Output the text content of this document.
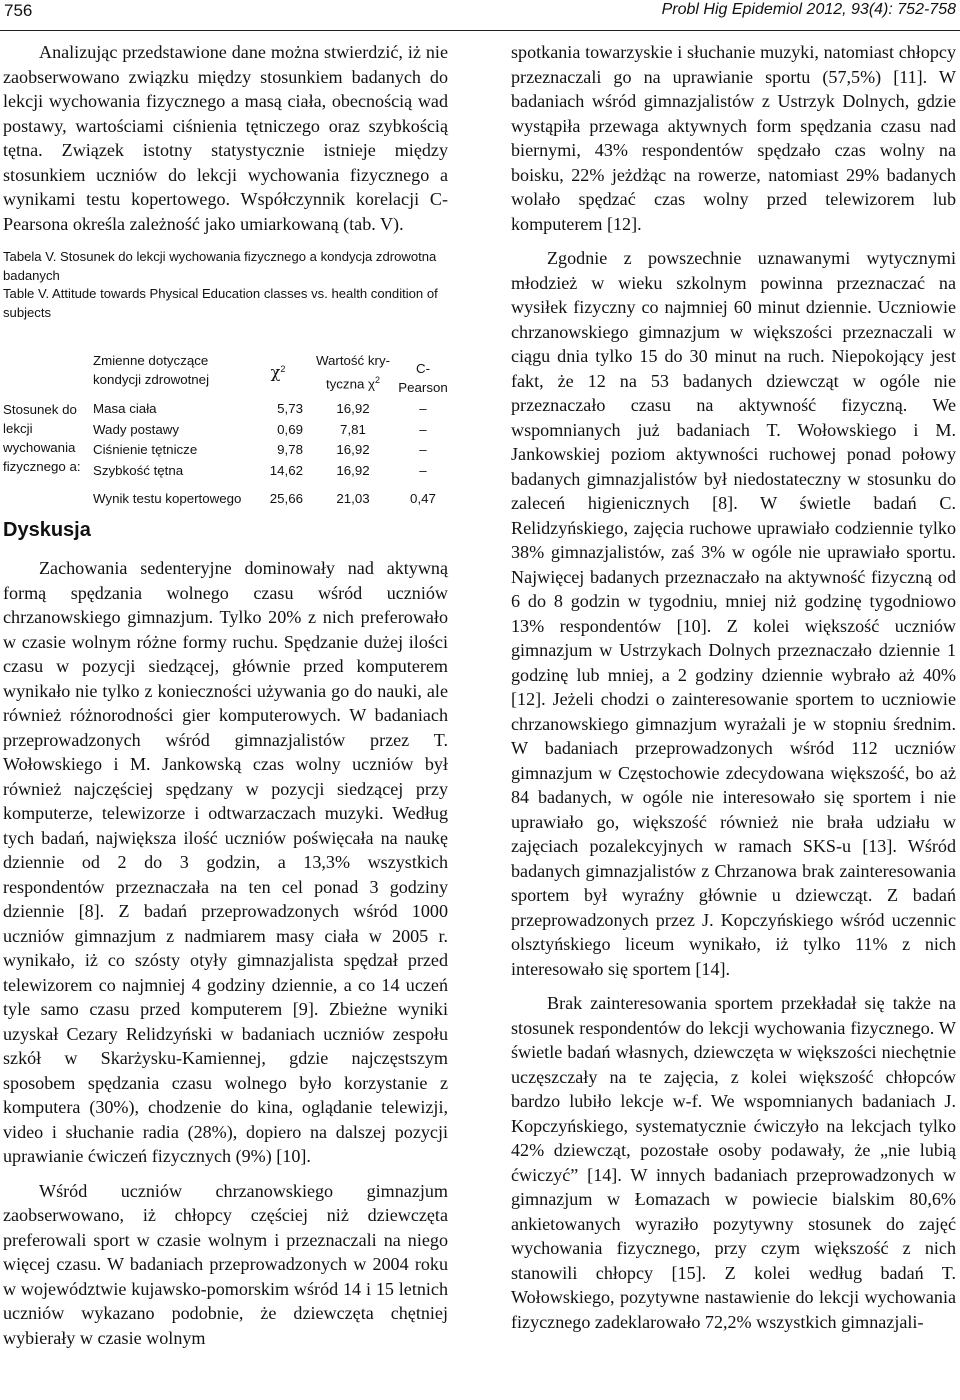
756	Probl Hig Epidemiol 2012, 93(4): 752-758

Analizując przedstawione dane można stwierdzić, iż nie zaobserwowano związku między stosunkiem badanych do lekcji wychowania fizycznego a masą ciała, obecnością wad postawy, wartościami ciśnienia tętniczego oraz szybkością tętna. Związek istotny statystycznie istnieje między stosunkiem uczniów do lekcji wychowania fizycznego a wynikami testu kopertowego. Współczynnik korelacji C-Pearsona określa zależność jako umiarkowaną (tab. V).

Tabela V. Stosunek do lekcji wychowania fizycznego a kondycja zdrowotna badanych

Table V. Attitude towards Physical Education classes vs. health condition of subjects

	Zmienne dotyczące kondycji zdrowotnej	$\chi^2$	Wartość kry-tyczna $\chi^2$	C-Pearson
Stosunek do lekcji wychowania fizycznego a:	Masa ciała	5,73	16,92	–
	Wady postawy	0,69	7,81	–
	Ciśnienie tętnicze	9,78	16,92	–
	Szybkość tętna	14,62	16,92	–
	Wynik testu kopertowego	25,66	21,03	0,47
Dyskusja

Zachowania sedenteryjne dominowały nad aktywną formą spędzania wolnego czasu wśród uczniów chrzanowskiego gimnazjum. Tylko 20% z nich preferowało w czasie wolnym różne formy ruchu. Spędzanie dużej ilości czasu w pozycji siedzącej, głównie przed komputerem wynikało nie tylko z konieczności używania go do nauki, ale również różnorodności gier komputerowych. W badaniach przeprowadzonych wśród gimnazjalistów przez T. Wołowskiego i M. Jankowską czas wolny uczniów był również najczęściej spędzany w pozycji siedzącej przy komputerze, telewizorze i odtwarzaczach muzyki. Według tych badań, największa ilość uczniów poświęcała na naukę dziennie od 2 do 3 godzin, a 13,3% wszystkich respondentów przeznaczała na ten cel ponad 3 godziny dziennie [8]. Z badań przeprowadzonych wśród 1000 uczniów gimnazjum z nadmiarem masy ciała w 2005 r. wynikało, iż co szósty otyły gimnazjalista spędzał przed telewizorem co najmniej 4 godziny dziennie, a co 14 uczeń tyle samo czasu przed komputerem [9]. Zbieżne wyniki uzyskał Cezary Relidzyński w badaniach uczniów zespołu szkół w Skarżysku-Kamiennej, gdzie najczęstszym sposobem spędzania czasu wolnego było korzystanie z komputera (30%), chodzenie do kina, oglądanie telewizji, video i słuchanie radia (28%), dopiero na dalszej pozycji uprawianie ćwiczeń fizycznych (9%) [10].

Wśród uczniów chrzanowskiego gimnazjum zaobserwowano, iż chłopcy częściej niż dziewczęta preferowali sport w czasie wolnym i przeznaczali na niego więcej czasu. W badaniach przeprowadzonych w 2004 roku w województwie kujawsko-pomorskim wśród 14 i 15 letnich uczniów wykazano podobnie, że dziewczęta chętniej wybierały w czasie wolnym

spotkania towarzyskie i słuchanie muzyki, natomiast chłopcy przeznaczali go na uprawianie sportu (57,5%) [11]. W badaniach wśród gimnazjalistów z Ustrzyk Dolnych, gdzie wystąpiła przewaga aktywnych form spędzania czasu nad biernymi, 43% respondentów spędzało czas wolny na boisku, 22% jeżdżąc na rowerze, natomiast 29% badanych wolało spędzać czas wolny przed telewizorem lub komputerem [12].

Zgodnie z powszechnie uznawanymi wytycznymi młodzież w wieku szkolnym powinna przeznaczać na wysiłek fizyczny co najmniej 60 minut dziennie. Uczniowie chrzanowskiego gimnazjum w większości przeznaczali w ciągu dnia tylko 15 do 30 minut na ruch. Niepokojący jest fakt, że 12 na 53 badanych dziewcząt w ogóle nie przeznaczało czasu na aktywność fizyczną. We wspomnianych już badaniach T. Wołowskiego i M. Jankowskiej poziom aktywności ruchowej ponad połowy badanych gimnazjalistów był niedostateczny w stosunku do zaleceń higienicznych [8]. W świetle badań C. Relidzyńskiego, zajęcia ruchowe uprawiało codziennie tylko 38% gimnazjalistów, zaś 3% w ogóle nie uprawiało sportu. Najwięcej badanych przeznaczało na aktywność fizyczną od 6 do 8 godzin w tygodniu, mniej niż godzinę tygodniowo 13% respondentów [10]. Z kolei większość uczniów gimnazjum w Ustrzykach Dolnych przeznaczało dziennie 1 godzinę lub mniej, a 2 godziny dziennie wybrało aż 40% [12]. Jeżeli chodzi o zainteresowanie sportem to uczniowie chrzanowskiego gimnazjum wyrażali je w stopniu średnim. W badaniach przeprowadzonych wśród 112 uczniów gimnazjum w Częstochowie zdecydowana większość, bo aż 84 badanych, w ogóle nie interesowało się sportem i nie uprawiało go, większość również nie brała udziału w zajęciach pozalekcyjnych w ramach SKS-u [13]. Wśród badanych gimnazjalistów z Chrzanowa brak zainteresowania sportem był wyraźny głównie u dziewcząt. Z badań przeprowadzonych przez J. Kopczyńskiego wśród uczennic olsztyńskiego liceum wynikało, iż tylko 11% z nich interesowało się sportem [14].

Brak zainteresowania sportem przekładał się także na stosunek respondentów do lekcji wychowania fizycznego. W świetle badań własnych, dziewczęta w większości niechętnie uczęszczały na te zajęcia, z kolei większość chłopców bardzo lubiło lekcje w-f. We wspomnianych badaniach J. Kopczyńskiego, systematycznie ćwiczyło na lekcjach tylko 42% dziewcząt, pozostałe osoby podawały, że „nie lubią ćwiczyć” [14]. W innych badaniach przeprowadzonych w gimnazjum w Łomazach w powiecie bialskim 80,6% ankietowanych wyraziło pozytywny stosunek do zajęć wychowania fizycznego, przy czym większość z nich stanowili chłopcy [15]. Z kolei według badań T. Wołowskiego, pozytywne nastawienie do lekcji wychowania fizycznego zadeklarowało 72,2% wszystkich gimnazjali-
